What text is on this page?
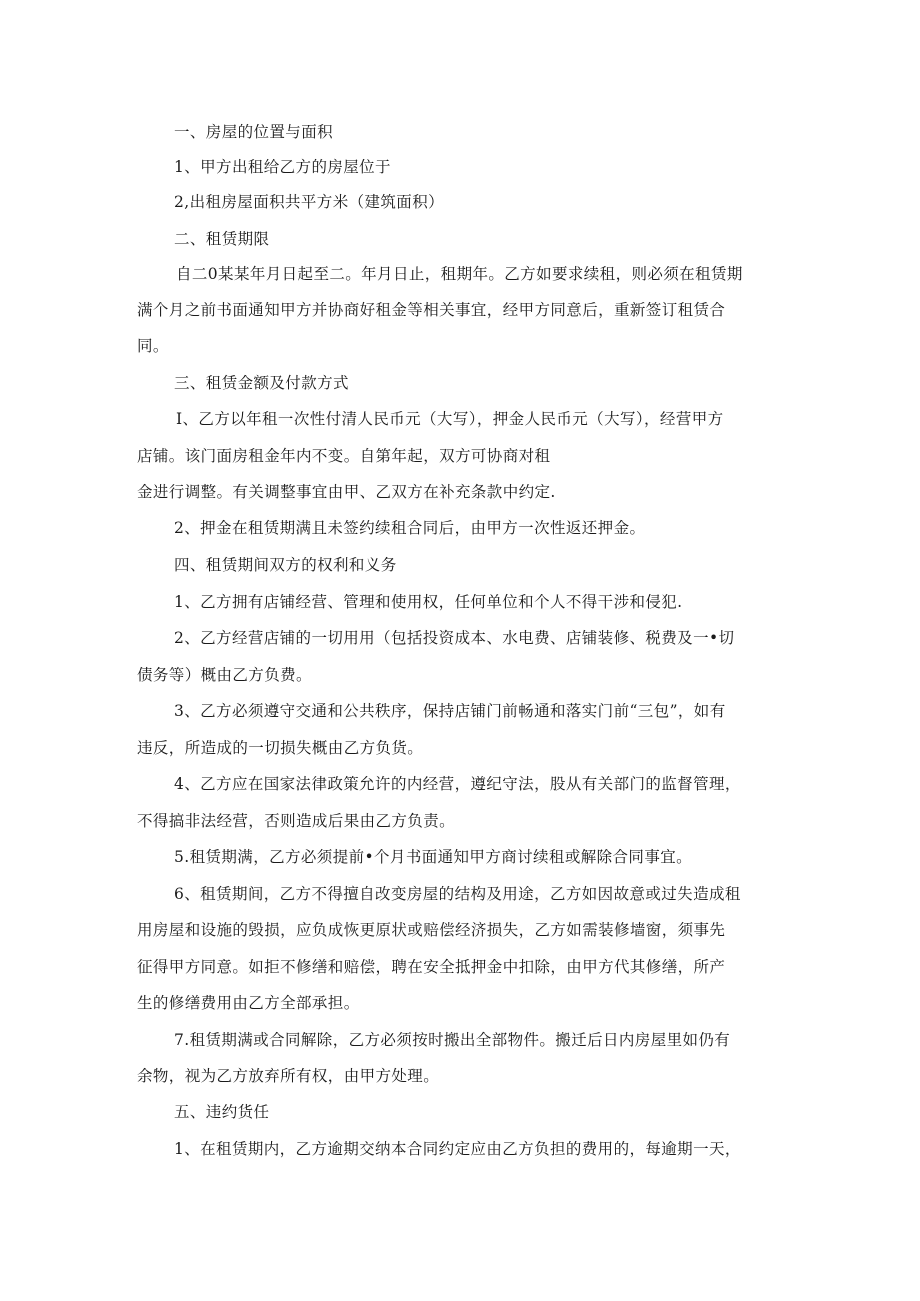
一、房屋的位置与面积
1、甲方出租给乙方的房屋位于
2,出租房屋面积共平方米（建筑面积）
二、租赁期限
自二0某某年月日起至二。年月日止，租期年。乙方如要求续租，则必须在租赁期
满个月之前书面通知甲方并协商好租金等相关事宜，经甲方同意后，重新签订租赁合
同。
三、租赁金额及付款方式
I、乙方以年租一次性付清人民币元（大写），押金人民币元（大写），经营甲方
店铺。该门面房租金年内不变。自第年起，双方可协商对租
金进行调整。有关调整事宜由甲、乙双方在补充条款中约定.
2、押金在租赁期满且未签约续租合同后，由甲方一次性返还押金。
四、租赁期间双方的权利和义务
1、乙方拥有店铺经营、管理和使用权，任何单位和个人不得干涉和侵犯.
2、乙方经营店铺的一切用用（包括投资成本、水电费、店铺装修、税费及一•切
债务等）概由乙方负费。
3、乙方必须遵守交通和公共秩序，保持店铺门前畅通和落实门前“三包”，如有
违反，所造成的一切损失概由乙方负货。
4、乙方应在国家法律政策允许的内经营，遵纪守法，股从有关部门的监督管理，
不得搞非法经营，否则造成后果由乙方负责。
5.租赁期满，乙方必须提前•个月书面通知甲方商讨续租或解除合同事宜。
6、租赁期间，乙方不得擅自改变房屋的结构及用途，乙方如因故意或过失造成租
用房屋和设施的毁损，应负成恢更原状或赔偿经济损失，乙方如需装修墙窗，须事先
征得甲方同意。如拒不修缮和赔偿，聘在安全抵押金中扣除，由甲方代其修缮，所产
生的修缮费用由乙方全部承担。
7.租赁期满或合同解除，乙方必须按时搬出全部物件。搬迁后日内房屋里如仍有
余物，视为乙方放弃所有权，由甲方处理。
五、违约货任
1、在租赁期内，乙方逾期交纳本合同约定应由乙方负担的费用的，每逾期一天，
